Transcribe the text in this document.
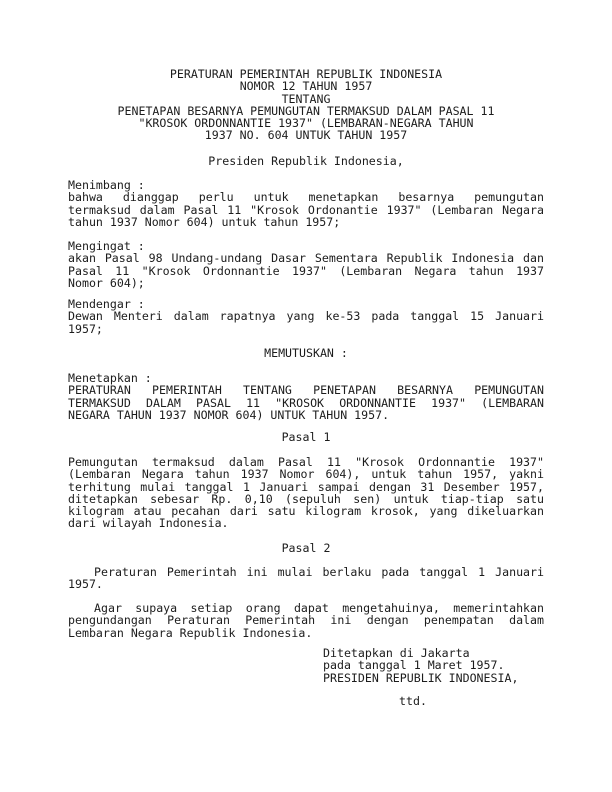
PERATURAN PEMERINTAH REPUBLIK INDONESIA
NOMOR 12 TAHUN 1957
TENTANG
PENETAPAN BESARNYA PEMUNGUTAN TERMAKSUD DALAM PASAL 11
"KROSOK ORDONNANTIE 1937" (LEMBARAN-NEGARA TAHUN
1937 NO. 604 UNTUK TAHUN 1957
Presiden Republik Indonesia,
Menimbang :
bahwa dianggap perlu untuk menetapkan besarnya pemungutan
termaksud dalam Pasal 11 "Krosok Ordonantie 1937" (Lembaran Negara
tahun 1937 Nomor 604) untuk tahun 1957;
Mengingat :
akan Pasal 98 Undang-undang Dasar Sementara Republik Indonesia dan
Pasal 11 "Krosok Ordonnantie 1937" (Lembaran Negara tahun 1937
Nomor 604);
Mendengar :
Dewan Menteri dalam rapatnya yang ke-53 pada tanggal 15 Januari
1957;
MEMUTUSKAN :
Menetapkan :
PERATURAN PEMERINTAH TENTANG PENETAPAN BESARNYA PEMUNGUTAN
TERMAKSUD DALAM PASAL 11 "KROSOK ORDONNANTIE 1937" (LEMBARAN
NEGARA TAHUN 1937 NOMOR 604) UNTUK TAHUN 1957.
Pasal 1
Pemungutan termaksud dalam Pasal 11 "Krosok Ordonnantie 1937"
(Lembaran Negara tahun 1937 Nomor 604), untuk tahun 1957, yakni
terhitung mulai tanggal 1 Januari sampai dengan 31 Desember 1957,
ditetapkan sebesar Rp. 0,10 (sepuluh sen) untuk tiap-tiap satu
kilogram atau pecahan dari satu kilogram krosok, yang dikeluarkan
dari wilayah Indonesia.
Pasal 2
Peraturan Pemerintah ini mulai berlaku pada tanggal 1 Januari
1957.
Agar supaya setiap orang dapat mengetahuinya, memerintahkan
pengundangan Peraturan Pemerintah ini dengan penempatan dalam
Lembaran Negara Republik Indonesia.
Ditetapkan di Jakarta
pada tanggal 1 Maret 1957.
PRESIDEN REPUBLIK INDONESIA,
ttd.
